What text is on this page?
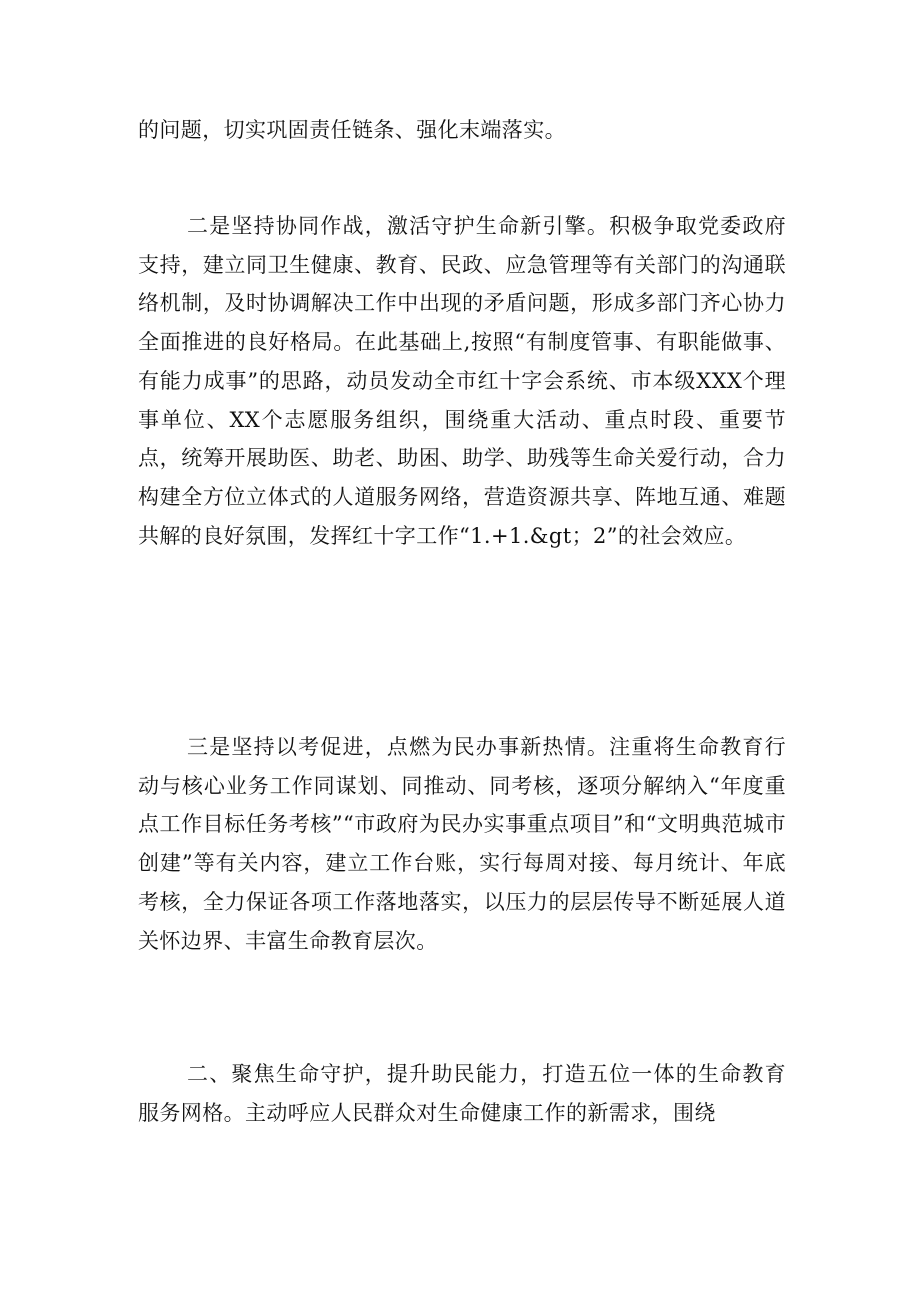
的问题，切实巩固责任链条、强化末端落实。

二是坚持协同作战，激活守护生命新引擎。积极争取党委政府支持，建立同卫生健康、教育、民政、应急管理等有关部门的沟通联络机制，及时协调解决工作中出现的矛盾问题，形成多部门齐心协力全面推进的良好格局。在此基础上,按照“有制度管事、有职能做事、有能力成事”的思路，动员发动全市红十字会系统、市本级XXX个理事单位、XX个志愿服务组织，围绕重大活动、重点时段、重要节点，统筹开展助医、助老、助困、助学、助残等生命关爱行动，合力构建全方位立体式的人道服务网络，营造资源共享、阵地互通、难题共解的良好氛围，发挥红十字工作“1.+1.&gt；2”的社会效应。

三是坚持以考促进，点燃为民办事新热情。注重将生命教育行动与核心业务工作同谋划、同推动、同考核，逐项分解纳入“年度重点工作目标任务考核”“市政府为民办实事重点项目”和“文明典范城市创建”等有关内容，建立工作台账，实行每周对接、每月统计、年底考核，全力保证各项工作落地落实，以压力的层层传导不断延展人道关怀边界、丰富生命教育层次。

二、聚焦生命守护，提升助民能力，打造五位一体的生命教育服务网格。主动呼应人民群众对生命健康工作的新需求，围绕
